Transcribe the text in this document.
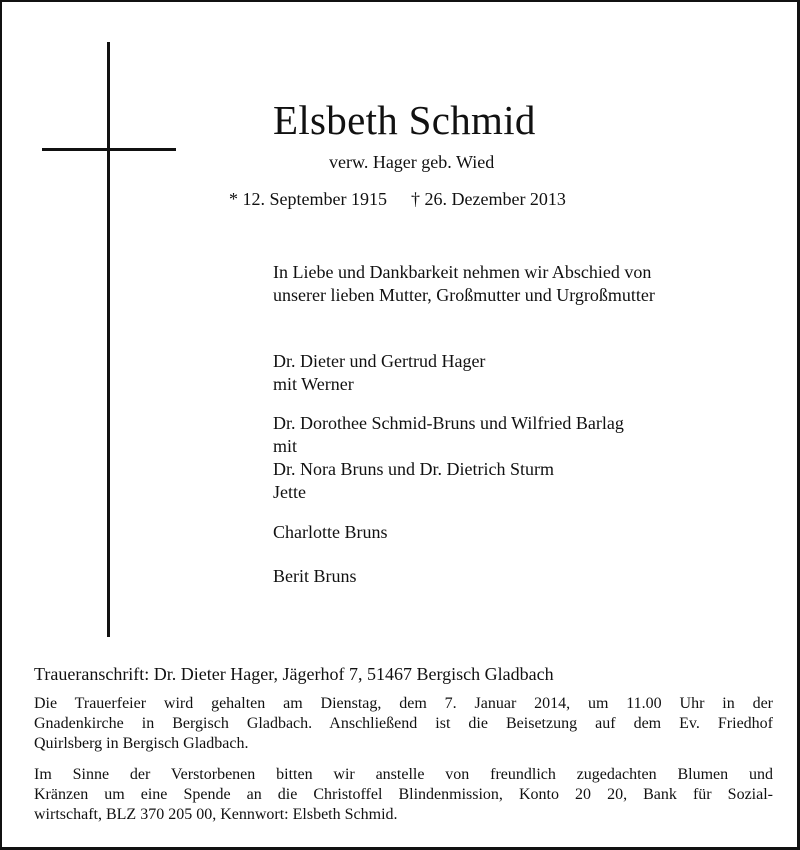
Elsbeth Schmid
verw. Hager geb. Wied
* 12. September 1915 † 26. Dezember 2013
In Liebe und Dankbarkeit nehmen wir Abschied von
unserer lieben Mutter, Großmutter und Urgroßmutter
Dr. Dieter und Gertrud Hager
mit Werner
Dr. Dorothee Schmid-Bruns und Wilfried Barlag
mit
Dr. Nora Bruns und Dr. Dietrich Sturm
Jette
Charlotte Bruns
Berit Bruns
Traueranschrift: Dr. Dieter Hager, Jägerhof 7, 51467 Bergisch Gladbach
Die Trauerfeier wird gehalten am Dienstag, dem 7. Januar 2014, um 11.00 Uhr in der
Gnadenkirche in Bergisch Gladbach. Anschließend ist die Beisetzung auf dem Ev. Friedhof
Quirlsberg in Bergisch Gladbach.
Im Sinne der Verstorbenen bitten wir anstelle von freundlich zugedachten Blumen und
Kränzen um eine Spende an die Christoffel Blindenmission, Konto 20 20, Bank für Sozial-
wirtschaft, BLZ 370 205 00, Kennwort: Elsbeth Schmid.
